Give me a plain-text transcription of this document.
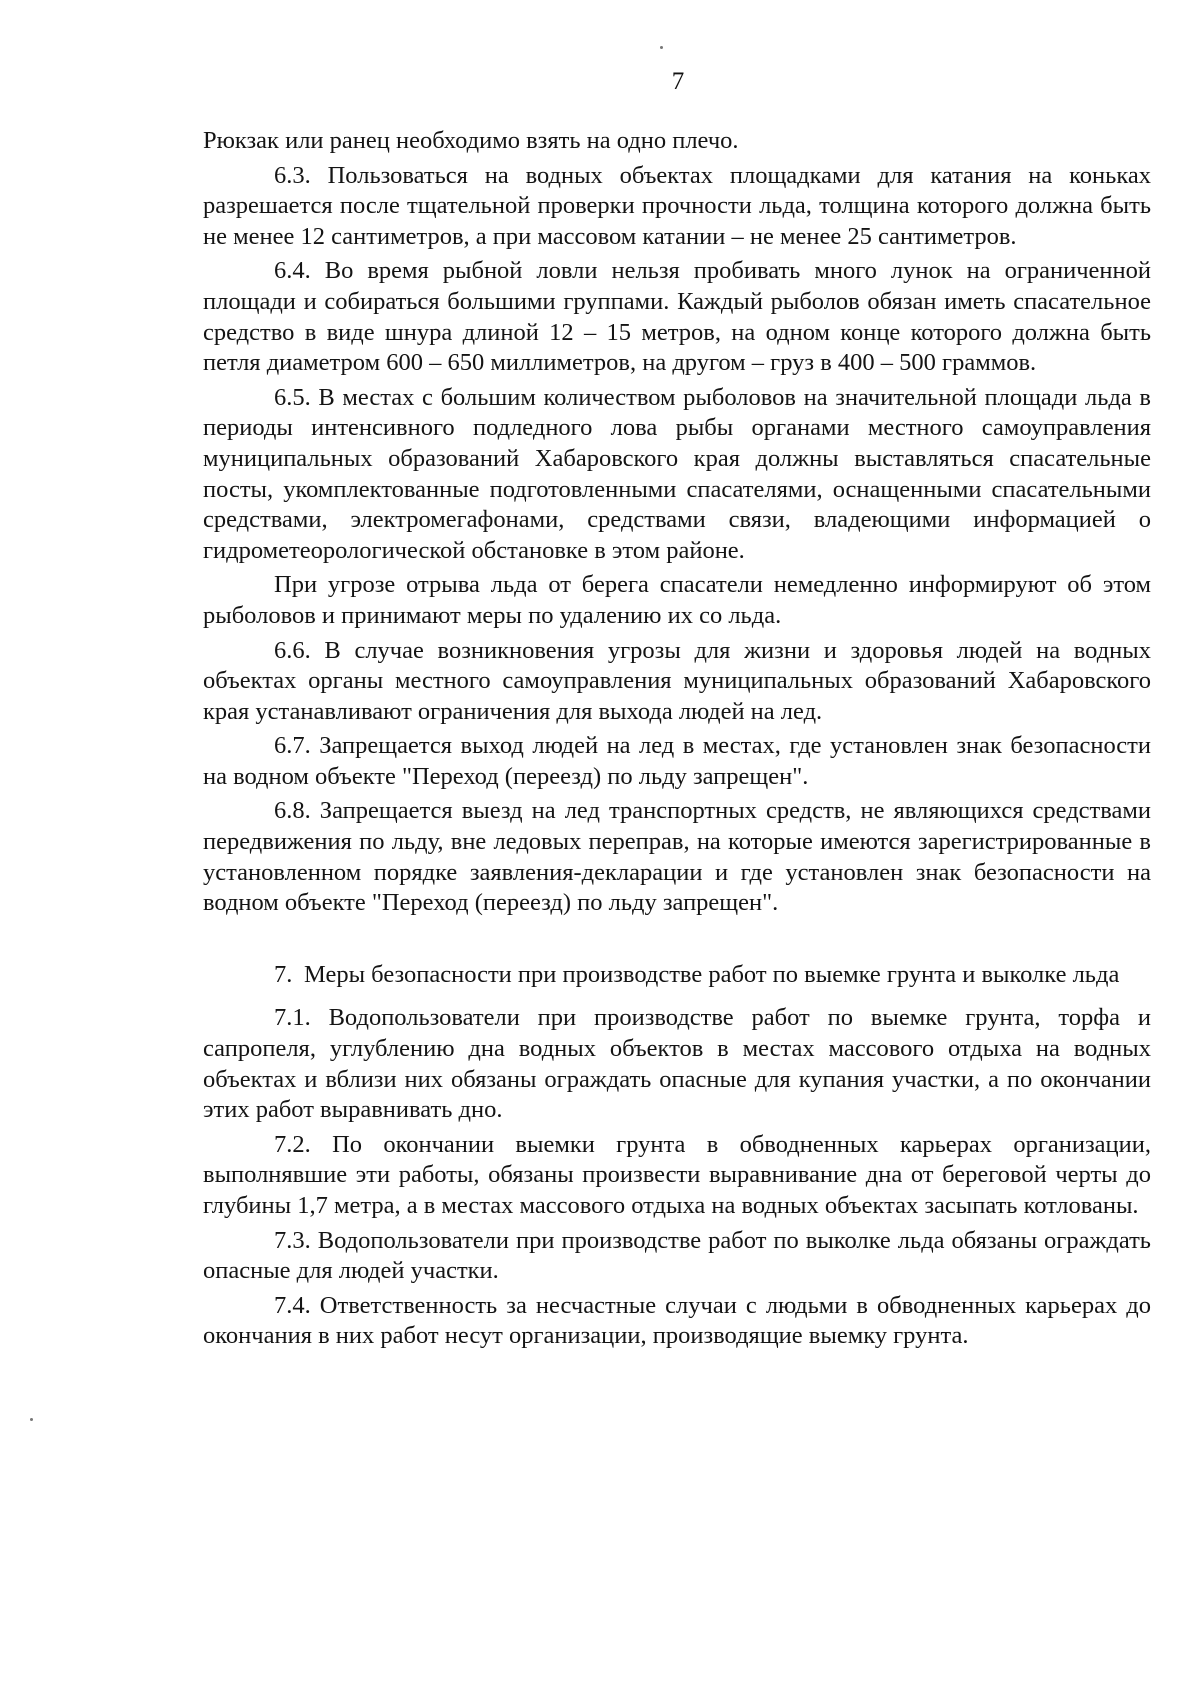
7

Рюкзак или ранец необходимо взять на одно плечо.

6.3. Пользоваться на водных объектах площадками для катания на коньках разрешается после тщательной проверки прочности льда, толщина которого должна быть не менее 12 сантиметров, а при массовом катании – не менее 25 сантиметров.

6.4. Во время рыбной ловли нельзя пробивать много лунок на ограниченной площади и собираться большими группами. Каждый рыболов обязан иметь спасательное средство в виде шнура длиной 12 – 15 метров, на одном конце которого должна быть петля диаметром 600 – 650 миллиметров, на другом – груз в 400 – 500 граммов.

6.5. В местах с большим количеством рыболовов на значительной площади льда в периоды интенсивного подледного лова рыбы органами местного самоуправления муниципальных образований Хабаровского края должны выставляться спасательные посты, укомплектованные подготовленными спасателями, оснащенными спасательными средствами, электромегафонами, средствами связи, владеющими информацией о гидрометеорологической обстановке в этом районе.

При угрозе отрыва льда от берега спасатели немедленно информируют об этом рыболовов и принимают меры по удалению их со льда.

6.6. В случае возникновения угрозы для жизни и здоровья людей на водных объектах органы местного самоуправления муниципальных образований Хабаровского края устанавливают ограничения для выхода людей на лед.

6.7. Запрещается выход людей на лед в местах, где установлен знак безопасности на водном объекте "Переход (переезд) по льду запрещен".

6.8. Запрещается выезд на лед транспортных средств, не являющихся средствами передвижения по льду, вне ледовых переправ, на которые имеются зарегистрированные в установленном порядке заявления-декларации и где установлен знак безопасности на водном объекте "Переход (переезд) по льду запрещен".

7. Меры безопасности при производстве работ по выемке грунта и выколке льда

7.1. Водопользователи при производстве работ по выемке грунта, торфа и сапропеля, углублению дна водных объектов в местах массового отдыха на водных объектах и вблизи них обязаны ограждать опасные для купания участки, а по окончании этих работ выравнивать дно.

7.2. По окончании выемки грунта в обводненных карьерах организации, выполнявшие эти работы, обязаны произвести выравнивание дна от береговой черты до глубины 1,7 метра, а в местах массового отдыха на водных объектах засыпать котлованы.

7.3. Водопользователи при производстве работ по выколке льда обязаны ограждать опасные для людей участки.

7.4. Ответственность за несчастные случаи с людьми в обводненных карьерах до окончания в них работ несут организации, производящие выемку грунта.
